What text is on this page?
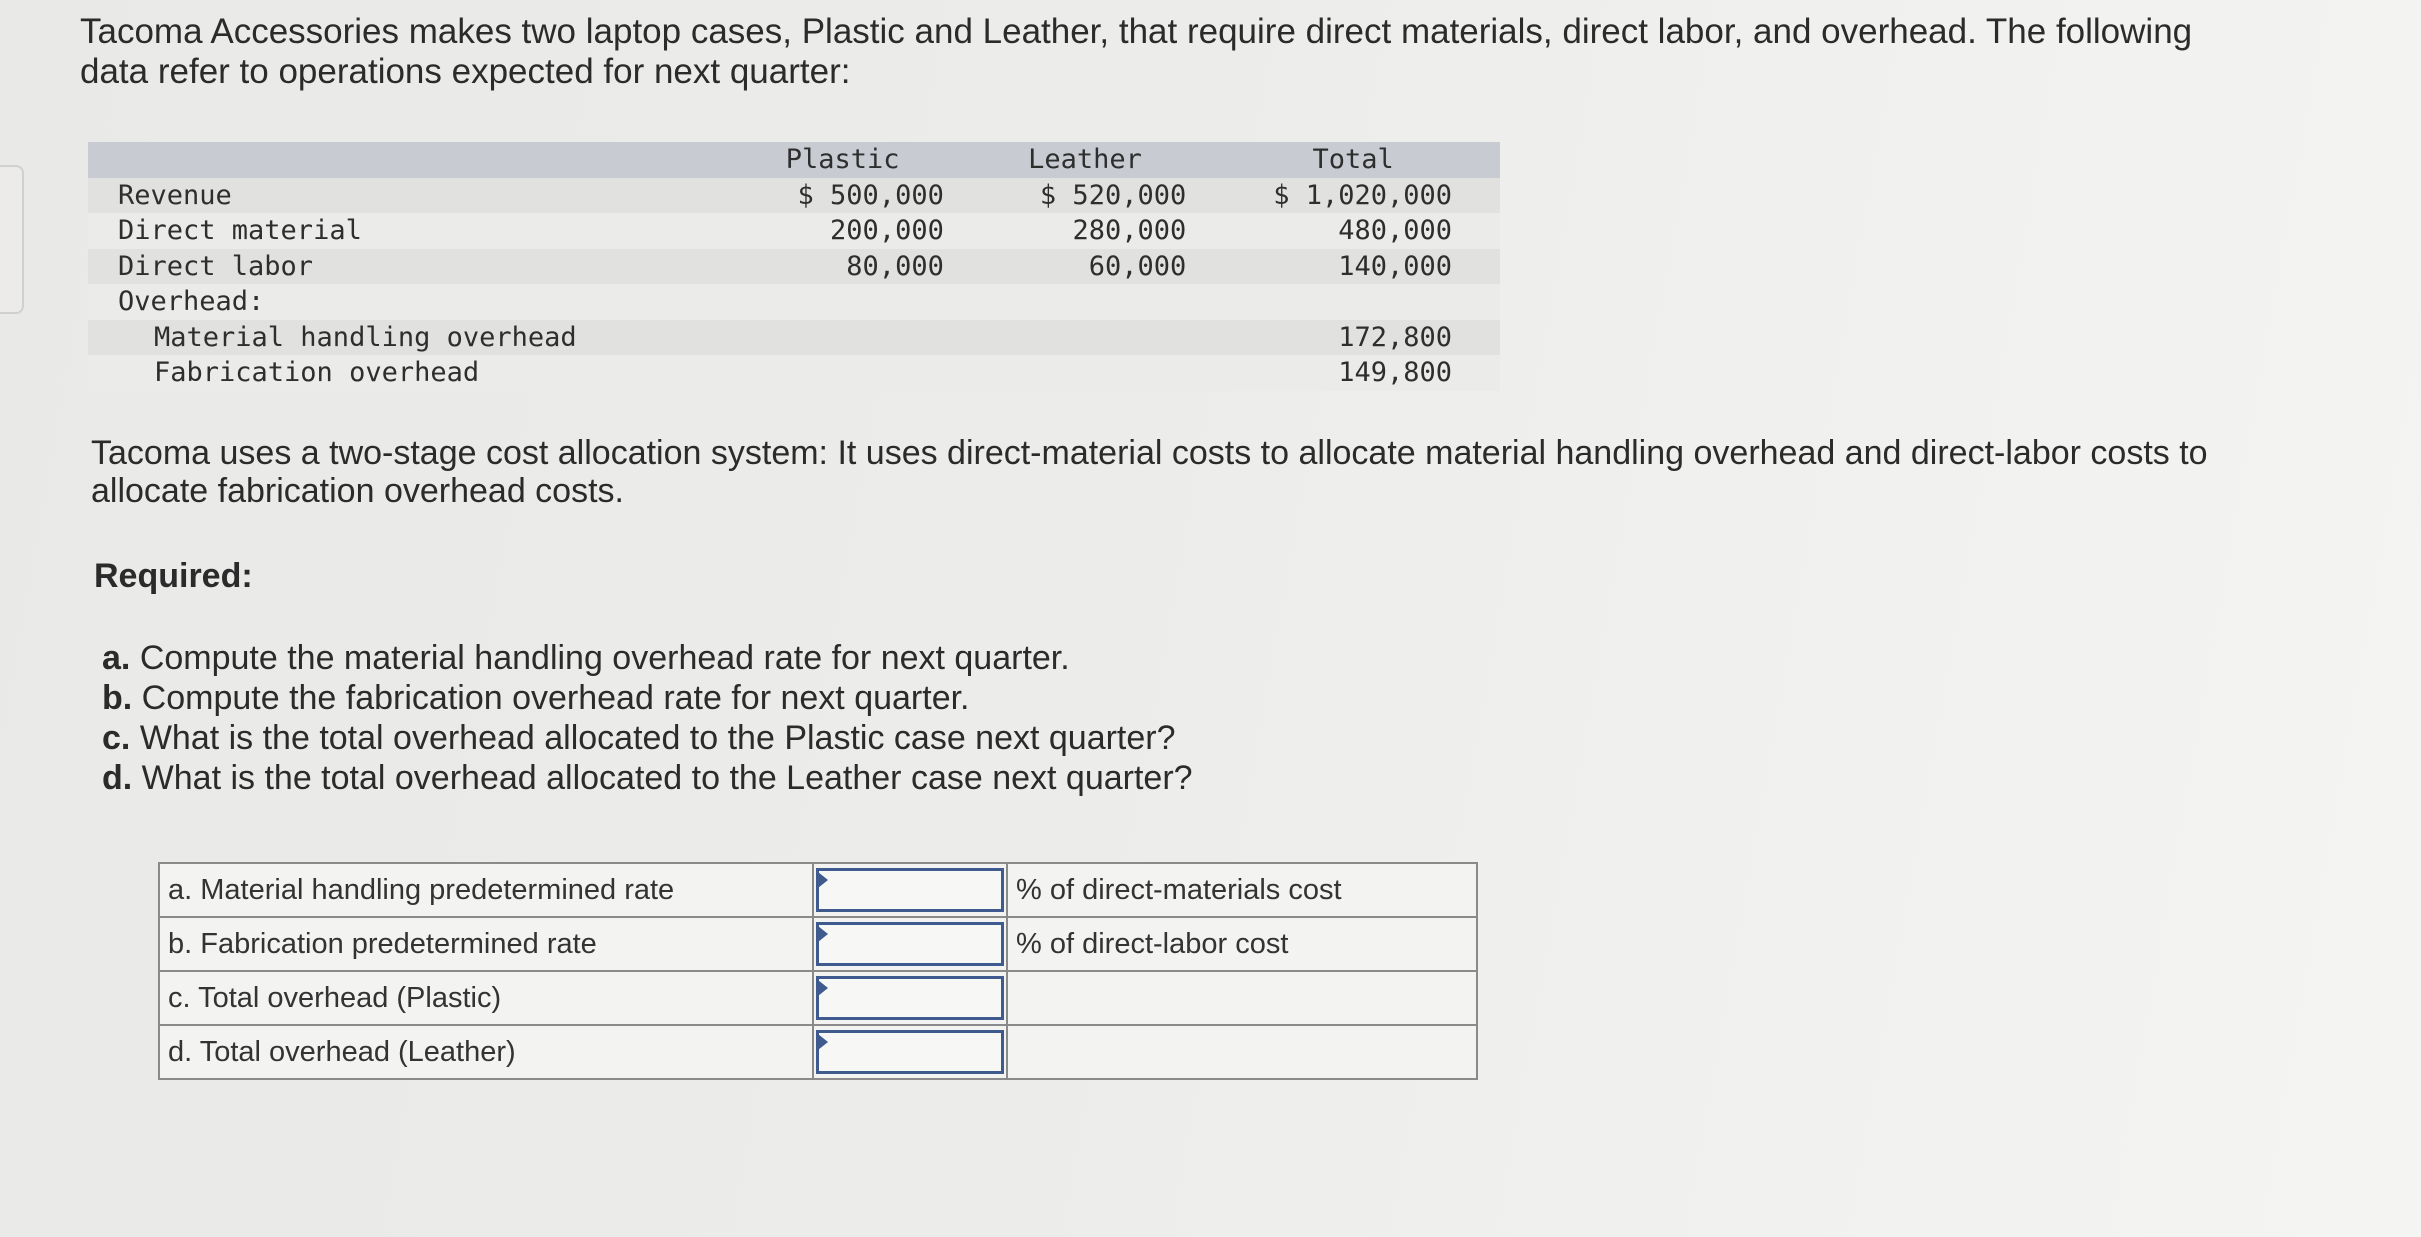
Tacoma Accessories makes two laptop cases, Plastic and Leather, that require direct materials, direct labor, and overhead. The following data refer to operations expected for next quarter:

	Plastic	Leather	Total
Revenue	$ 500,000	$ 520,000	$ 1,020,000
Direct material	200,000	280,000	480,000
Direct labor	80,000	60,000	140,000
Overhead:			
Material handling overhead			172,800
Fabrication overhead			149,800

Tacoma uses a two-stage cost allocation system: It uses direct-material costs to allocate material handling overhead and direct-labor costs to allocate fabrication overhead costs.

Required:

a. Compute the material handling overhead rate for next quarter.
b. Compute the fabrication overhead rate for next quarter.
c. What is the total overhead allocated to the Plastic case next quarter?
d. What is the total overhead allocated to the Leather case next quarter?
a. Material handling predetermined rate		% of direct-materials cost
b. Fabrication predetermined rate		% of direct-labor cost
c. Total overhead (Plastic)	

d. Total overhead (Leather)	
